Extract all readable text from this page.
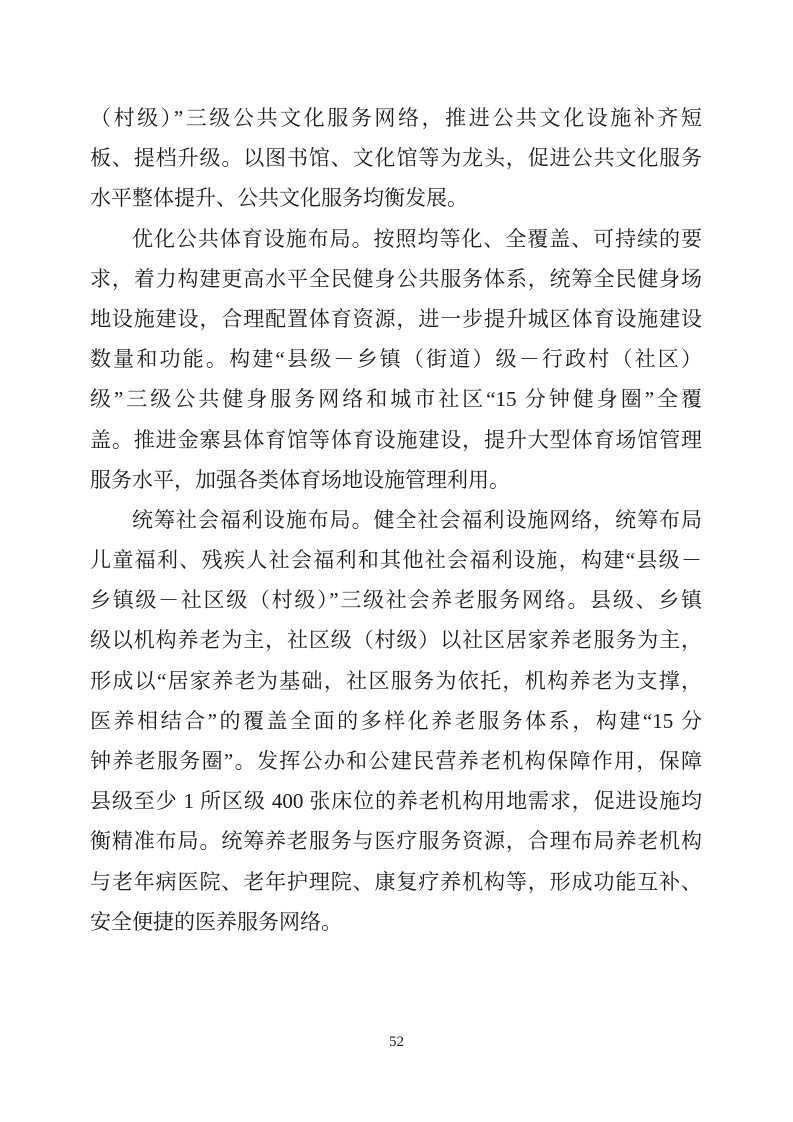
（村级）”三级公共文化服务网络，推进公共文化设施补齐短
板、提档升级。以图书馆、文化馆等为龙头，促进公共文化服务
水平整体提升、公共文化服务均衡发展。
优化公共体育设施布局。按照均等化、全覆盖、可持续的要
求，着力构建更高水平全民健身公共服务体系，统筹全民健身场
地设施建设，合理配置体育资源，进一步提升城区体育设施建设
数量和功能。构建“县级－乡镇（街道）级－行政村（社区）
级”三级公共健身服务网络和城市社区“15 分钟健身圈”全覆
盖。推进金寨县体育馆等体育设施建设，提升大型体育场馆管理
服务水平，加强各类体育场地设施管理利用。
统筹社会福利设施布局。健全社会福利设施网络，统筹布局
儿童福利、残疾人社会福利和其他社会福利设施，构建“县级－
乡镇级－社区级（村级）”三级社会养老服务网络。县级、乡镇
级以机构养老为主，社区级（村级）以社区居家养老服务为主，
形成以“居家养老为基础，社区服务为依托，机构养老为支撑，
医养相结合”的覆盖全面的多样化养老服务体系，构建“15 分
钟养老服务圈”。发挥公办和公建民营养老机构保障作用，保障
县级至少 1 所区级 400 张床位的养老机构用地需求，促进设施均
衡精准布局。统筹养老服务与医疗服务资源，合理布局养老机构
与老年病医院、老年护理院、康复疗养机构等，形成功能互补、
安全便捷的医养服务网络。
52
